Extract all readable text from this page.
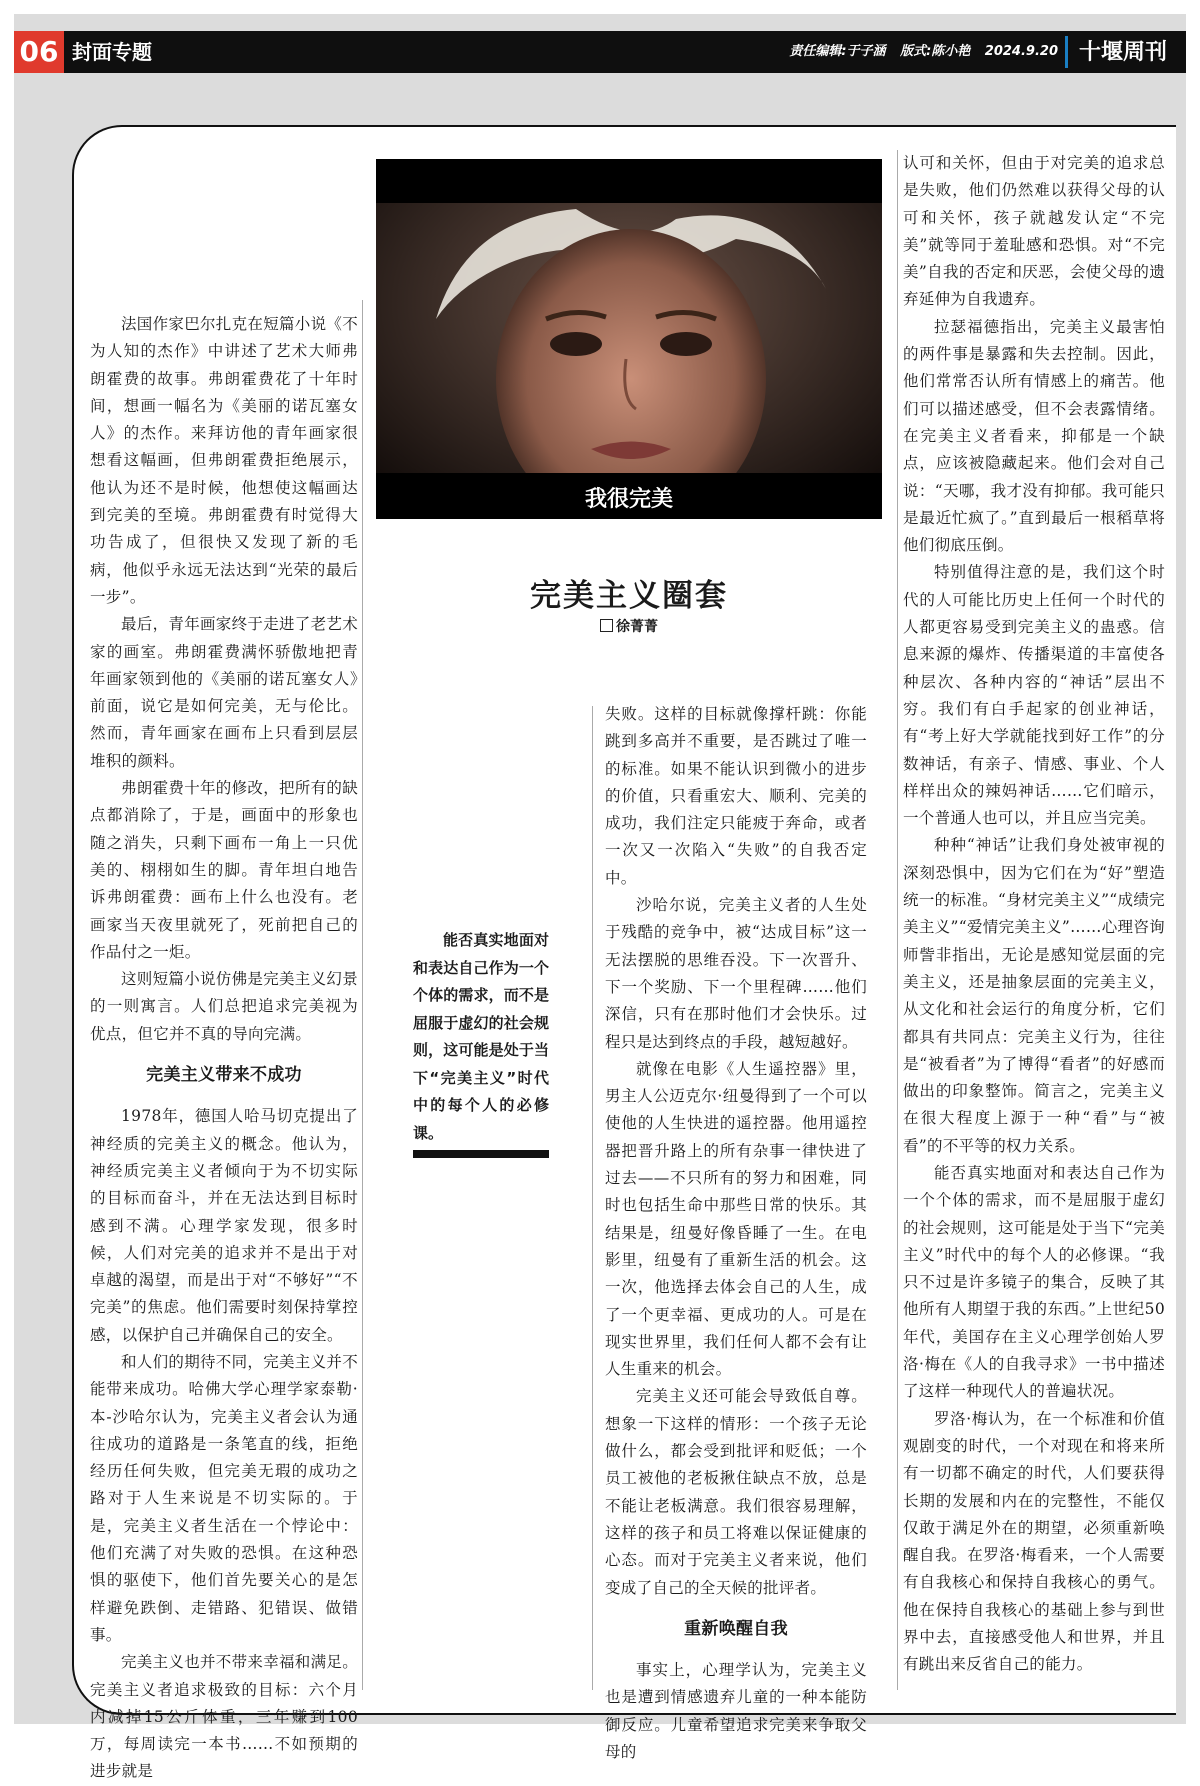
06 封面专题	责任编辑:于子涵 版式:陈小艳 2024.9.20 十堰周刊

法国作家巴尔扎克在短篇小说《不为人知的杰作》中讲述了艺术大师弗朗霍费的故事。弗朗霍费花了十年时间，想画一幅名为《美丽的诺瓦塞女人》的杰作。来拜访他的青年画家很想看这幅画，但弗朗霍费拒绝展示，他认为还不是时候，他想使这幅画达到完美的至境。弗朗霍费有时觉得大功告成了，但很快又发现了新的毛病，他似乎永远无法达到“光荣的最后一步”。

最后，青年画家终于走进了老艺术家的画室。弗朗霍费满怀骄傲地把青年画家领到他的《美丽的诺瓦塞女人》前面，说它是如何完美，无与伦比。然而，青年画家在画布上只看到层层堆积的颜料。

弗朗霍费十年的修改，把所有的缺点都消除了，于是，画面中的形象也随之消失，只剩下画布一角上一只优美的、栩栩如生的脚。青年坦白地告诉弗朗霍费：画布上什么也没有。老画家当天夜里就死了，死前把自己的作品付之一炬。

这则短篇小说仿佛是完美主义幻景的一则寓言。人们总把追求完美视为优点，但它并不真的导向完满。

完美主义带来不成功

1978年，德国人哈马切克提出了神经质的完美主义的概念。他认为，神经质完美主义者倾向于为不切实际的目标而奋斗，并在无法达到目标时感到不满。心理学家发现，很多时候，人们对完美的追求并不是出于对卓越的渴望，而是出于对“不够好”“不完美”的焦虑。他们需要时刻保持掌控感，以保护自己并确保自己的安全。

和人们的期待不同，完美主义并不能带来成功。哈佛大学心理学家泰勒·本-沙哈尔认为，完美主义者会认为通往成功的道路是一条笔直的线，拒绝经历任何失败，但完美无瑕的成功之路对于人生来说是不切实际的。于是，完美主义者生活在一个悖论中：他们充满了对失败的恐惧。在这种恐惧的驱使下，他们首先要关心的是怎样避免跌倒、走错路、犯错误、做错事。

完美主义也并不带来幸福和满足。完美主义者追求极致的目标：六个月内减掉15公斤体重，三年赚到100万，每周读完一本书……不如预期的进步就是

我很完美
完美主义圈套
徐菁菁

能否真实地面对和表达自己作为一个个体的需求，而不是屈服于虚幻的社会规则，这可能是处于当下“完美主义”时代中的每个人的必修课。

失败。这样的目标就像撑杆跳：你能跳到多高并不重要，是否跳过了唯一的标准。如果不能认识到微小的进步的价值，只看重宏大、顺利、完美的成功，我们注定只能疲于奔命，或者一次又一次陷入“失败”的自我否定中。

沙哈尔说，完美主义者的人生处于残酷的竞争中，被“达成目标”这一无法摆脱的思维吞没。下一次晋升、下一个奖励、下一个里程碑……他们深信，只有在那时他们才会快乐。过程只是达到终点的手段，越短越好。

就像在电影《人生遥控器》里，男主人公迈克尔·纽曼得到了一个可以使他的人生快进的遥控器。他用遥控器把晋升路上的所有杂事一律快进了过去——不只所有的努力和困难，同时也包括生命中那些日常的快乐。其结果是，纽曼好像昏睡了一生。在电影里，纽曼有了重新生活的机会。这一次，他选择去体会自己的人生，成了一个更幸福、更成功的人。可是在现实世界里，我们任何人都不会有让人生重来的机会。

完美主义还可能会导致低自尊。想象一下这样的情形：一个孩子无论做什么，都会受到批评和贬低；一个员工被他的老板揪住缺点不放，总是不能让老板满意。我们很容易理解，这样的孩子和员工将难以保证健康的心态。而对于完美主义者来说，他们变成了自己的全天候的批评者。

重新唤醒自我

事实上，心理学认为，完美主义也是遭到情感遗弃儿童的一种本能防御反应。儿童希望追求完美来争取父母的

认可和关怀，但由于对完美的追求总是失败，他们仍然难以获得父母的认可和关怀，孩子就越发认定“不完美”就等同于羞耻感和恐惧。对“不完美”自我的否定和厌恶，会使父母的遗弃延伸为自我遗弃。

拉瑟福德指出，完美主义最害怕的两件事是暴露和失去控制。因此，他们常常否认所有情感上的痛苦。他们可以描述感受，但不会表露情绪。在完美主义者看来，抑郁是一个缺点，应该被隐藏起来。他们会对自己说：“天哪，我才没有抑郁。我可能只是最近忙疯了。”直到最后一根稻草将他们彻底压倒。

特别值得注意的是，我们这个时代的人可能比历史上任何一个时代的人都更容易受到完美主义的蛊惑。信息来源的爆炸、传播渠道的丰富使各种层次、各种内容的“神话”层出不穷。我们有白手起家的创业神话，有“考上好大学就能找到好工作”的分数神话，有亲子、情感、事业、个人样样出众的辣妈神话……它们暗示，一个普通人也可以，并且应当完美。

种种“神话”让我们身处被审视的深刻恐惧中，因为它们在为“好”塑造统一的标准。“身材完美主义”“成绩完美主义”“爱情完美主义”……心理咨询师訾非指出，无论是感知觉层面的完美主义，还是抽象层面的完美主义，从文化和社会运行的角度分析，它们都具有共同点：完美主义行为，往往是“被看者”为了博得“看者”的好感而做出的印象整饰。简言之，完美主义在很大程度上源于一种“看”与“被看”的不平等的权力关系。

能否真实地面对和表达自己作为一个个体的需求，而不是屈服于虚幻的社会规则，这可能是处于当下“完美主义”时代中的每个人的必修课。“我只不过是许多镜子的集合，反映了其他所有人期望于我的东西。”上世纪50年代，美国存在主义心理学创始人罗洛·梅在《人的自我寻求》一书中描述了这样一种现代人的普遍状况。

罗洛·梅认为，在一个标准和价值观剧变的时代，一个对现在和将来所有一切都不确定的时代，人们要获得长期的发展和内在的完整性，不能仅仅敢于满足外在的期望，必须重新唤醒自我。在罗洛·梅看来，一个人需要有自我核心和保持自我核心的勇气。他在保持自我核心的基础上参与到世界中去，直接感受他人和世界，并且有跳出来反省自己的能力。
